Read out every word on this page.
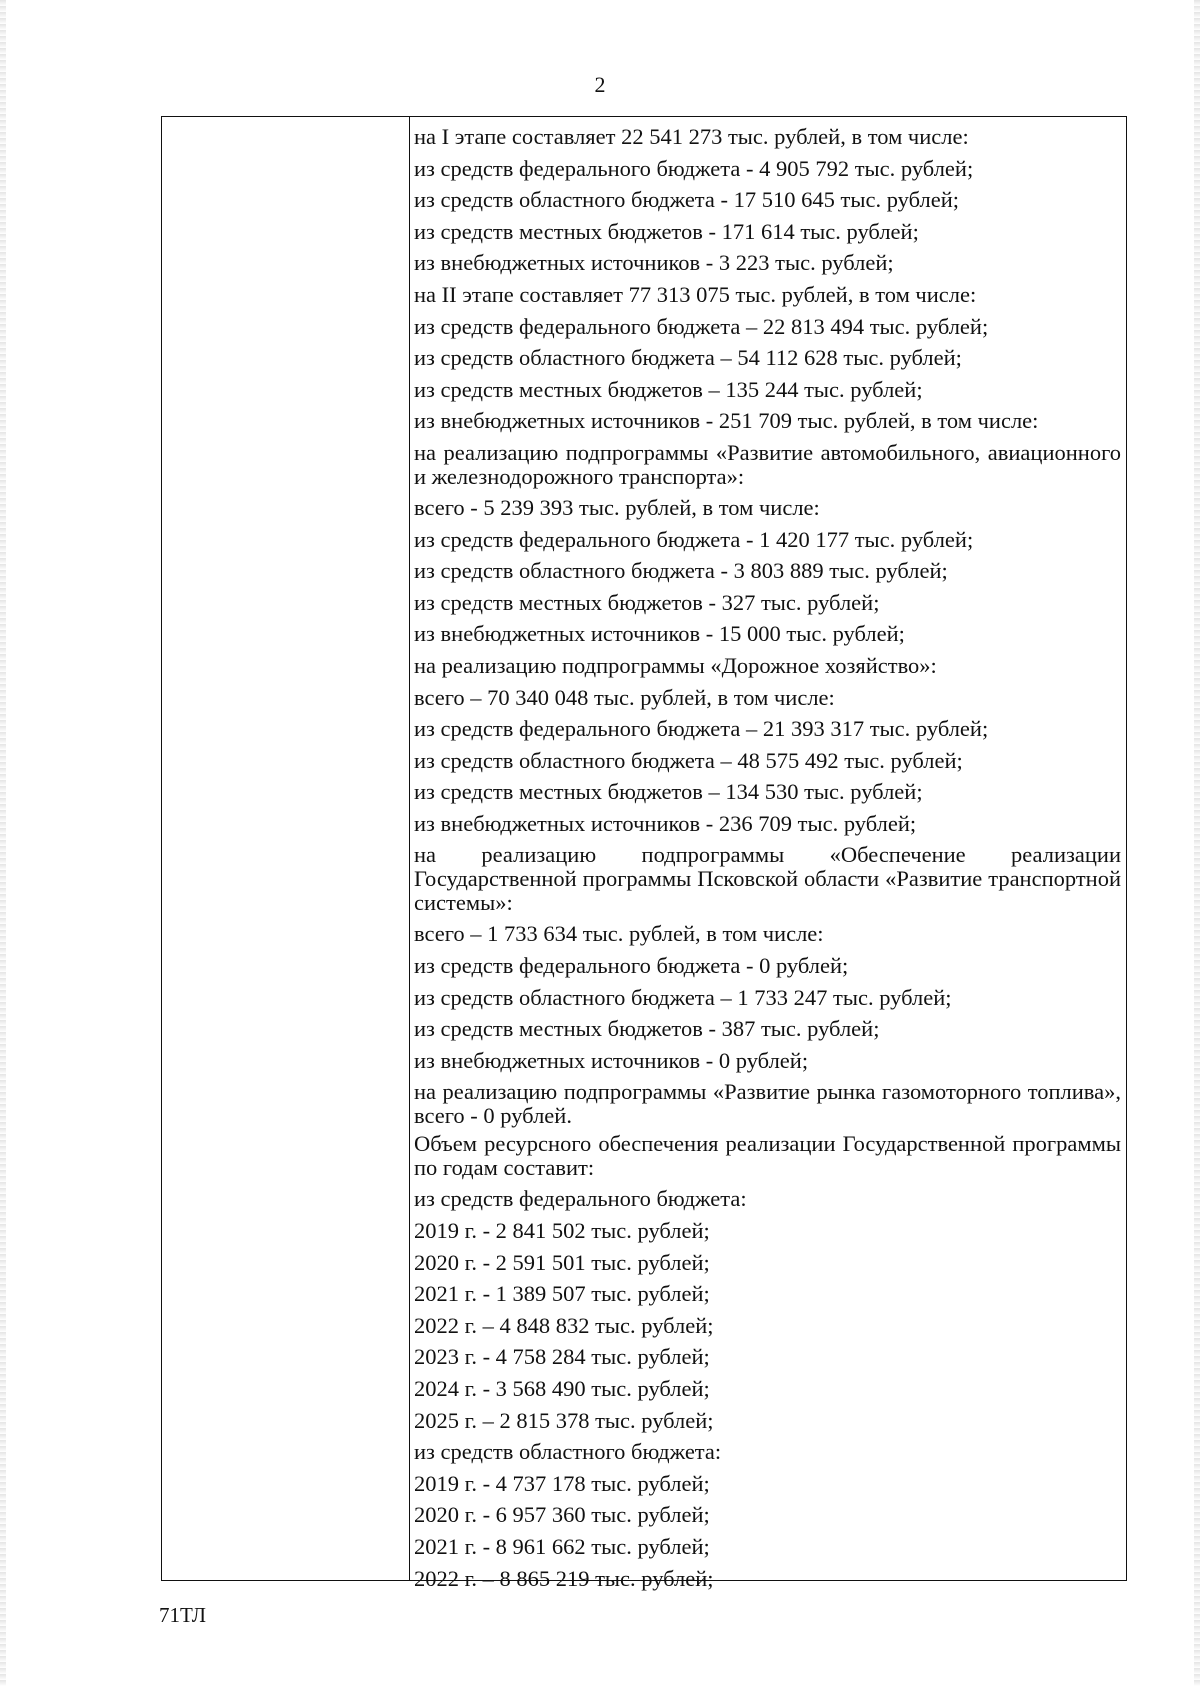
2
на I этапе составляет 22 541 273 тыс. рублей, в том числе:
из средств федерального бюджета - 4 905 792 тыс. рублей;
из средств областного бюджета - 17 510 645 тыс. рублей;
из средств местных бюджетов - 171 614 тыс. рублей;
из внебюджетных источников - 3 223 тыс. рублей;
на II этапе составляет 77 313 075 тыс. рублей, в том числе:
из средств федерального бюджета – 22 813 494 тыс. рублей;
из средств областного бюджета – 54 112 628 тыс. рублей;
из средств местных бюджетов – 135 244 тыс. рублей;
из внебюджетных источников - 251 709 тыс. рублей, в том числе:
на реализацию подпрограммы «Развитие автомобильного, авиационного и железнодорожного транспорта»:
всего - 5 239 393 тыс. рублей, в том числе:
из средств федерального бюджета - 1 420 177 тыс. рублей;
из средств областного бюджета - 3 803 889 тыс. рублей;
из средств местных бюджетов - 327 тыс. рублей;
из внебюджетных источников - 15 000 тыс. рублей;
на реализацию подпрограммы «Дорожное хозяйство»:
всего – 70 340 048 тыс. рублей, в том числе:
из средств федерального бюджета – 21 393 317 тыс. рублей;
из средств областного бюджета – 48 575 492 тыс. рублей;
из средств местных бюджетов – 134 530 тыс. рублей;
из внебюджетных источников - 236 709 тыс. рублей;
на реализацию подпрограммы «Обеспечение реализации Государственной программы Псковской области «Развитие транспортной системы»:
всего – 1 733 634 тыс. рублей, в том числе:
из средств федерального бюджета - 0 рублей;
из средств областного бюджета – 1 733 247 тыс. рублей;
из средств местных бюджетов - 387 тыс. рублей;
из внебюджетных источников - 0 рублей;
на реализацию подпрограммы «Развитие рынка газомоторного топлива», всего - 0 рублей.
Объем ресурсного обеспечения реализации Государственной программы по годам составит:
из средств федерального бюджета:
2019 г. - 2 841 502 тыс. рублей;
2020 г. - 2 591 501 тыс. рублей;
2021 г. - 1 389 507 тыс. рублей;
2022 г. – 4 848 832 тыс. рублей;
2023 г. - 4 758 284 тыс. рублей;
2024 г. - 3 568 490 тыс. рублей;
2025 г. – 2 815 378 тыс. рублей;
из средств областного бюджета:
2019 г. - 4 737 178 тыс. рублей;
2020 г. - 6 957 360 тыс. рублей;
2021 г. - 8 961 662 тыс. рублей;
2022 г. – 8 865 219 тыс. рублей;
71ТЛ
